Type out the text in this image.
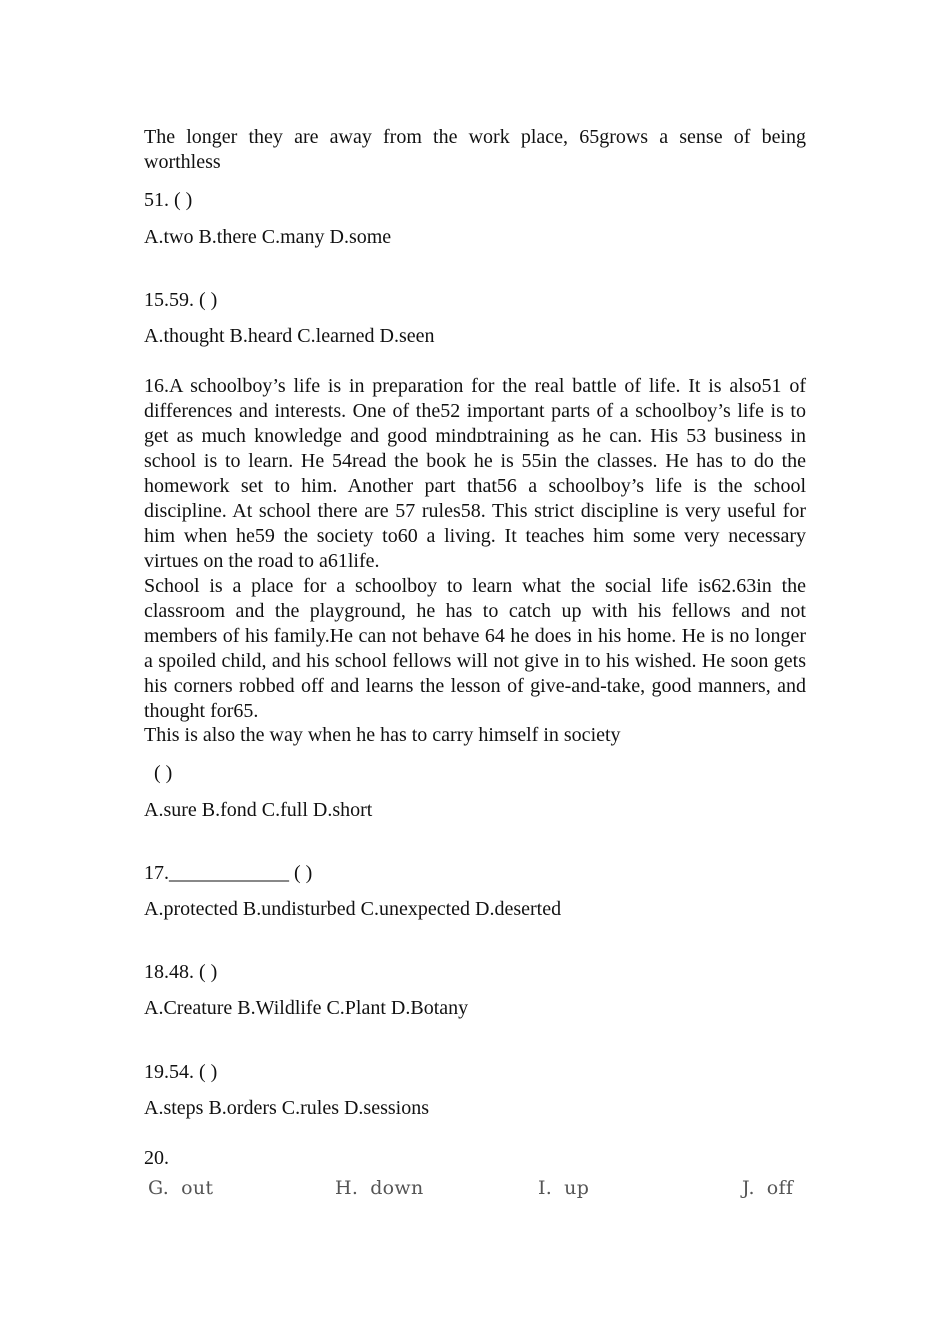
The longer they are away from the work place, 65grows a sense of being
worthless
51. ( )
A.two B.there C.many D.some
15.59. ( )
A.thought B.heard C.learned D.seen
16.A schoolboy’s life is in preparation for the real battle of life. It is also51 of differences and interests. One of the52 important parts of a schoolboy’s life is to get as much knowledge and good mindᴅtraining as he can. His 53 business in school is to learn. He 54read the book he is 55in the classes. He has to do the homework set to him. Another part that56 a schoolboy’s life is the school discipline. At school there are 57 rules58. This strict discipline is very useful for him when he59 the society to60 a living. It teaches him some very necessary virtues on the road to a61life.
School is a place for a schoolboy to learn what the social life is62.63in the classroom and the playground, he has to catch up with his fellows and not members of his family.He can not behave 64 he does in his home. He is no longer a spoiled child, and his school fellows will not give in to his wished. He soon gets his corners robbed off and learns the lesson of give-and-take, good manners, and thought for65.
This is also the way when he has to carry himself in society
( )
A.sure B.fond C.full D.short
17.____________ ( )
A.protected B.undisturbed C.unexpected D.deserted
18.48. ( )
A.Creature B.Wildlife C.Plant D.Botany
19.54. ( )
A.steps B.orders C.rules D.sessions
20.
G. out	H. down	I. up	J. off
